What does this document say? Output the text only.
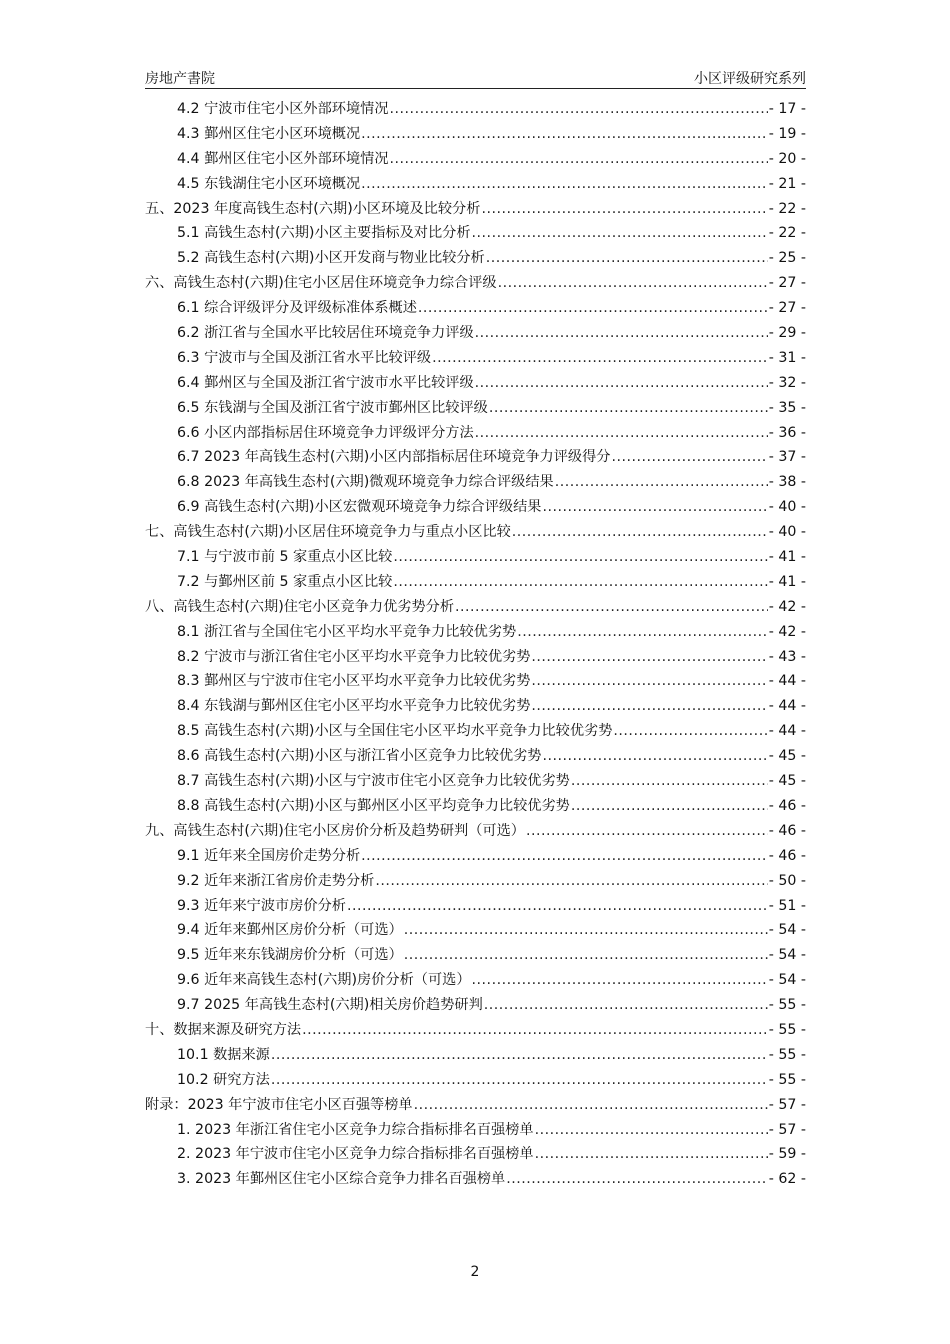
房地产書院	小区评级研究系列
4.2 宁波市住宅小区外部环境情况 .....	- 17 -
4.3 鄞州区住宅小区环境概况 .....	- 19 -
4.4 鄞州区住宅小区外部环境情况 .....	- 20 -
4.5 东钱湖住宅小区环境概况 .....	- 21 -
五、2023 年度高钱生态村(六期)小区环境及比较分析 .....	- 22 -
5.1 高钱生态村(六期)小区主要指标及对比分析 .....	- 22 -
5.2 高钱生态村(六期)小区开发商与物业比较分析 .....	- 25 -
六、高钱生态村(六期)住宅小区居住环境竞争力综合评级 .....	- 27 -
6.1 综合评级评分及评级标准体系概述 .....	- 27 -
6.2 浙江省与全国水平比较居住环境竞争力评级 .....	- 29 -
6.3 宁波市与全国及浙江省水平比较评级 .....	- 31 -
6.4 鄞州区与全国及浙江省宁波市水平比较评级 .....	- 32 -
6.5 东钱湖与全国及浙江省宁波市鄞州区比较评级 .....	- 35 -
6.6 小区内部指标居住环境竞争力评级评分方法 .....	- 36 -
6.7 2023 年高钱生态村(六期)小区内部指标居住环境竞争力评级得分 .....	- 37 -
6.8 2023 年高钱生态村(六期)微观环境竞争力综合评级结果 .....	- 38 -
6.9 高钱生态村(六期)小区宏微观环境竞争力综合评级结果 .....	- 40 -
七、高钱生态村(六期)小区居住环境竞争力与重点小区比较 .....	- 40 -
7.1 与宁波市前 5 家重点小区比较 .....	- 41 -
7.2 与鄞州区前 5 家重点小区比较 .....	- 41 -
八、高钱生态村(六期)住宅小区竞争力优劣势分析 .....	- 42 -
8.1 浙江省与全国住宅小区平均水平竞争力比较优劣势 .....	- 42 -
8.2 宁波市与浙江省住宅小区平均水平竞争力比较优劣势 .....	- 43 -
8.3 鄞州区与宁波市住宅小区平均水平竞争力比较优劣势 .....	- 44 -
8.4 东钱湖与鄞州区住宅小区平均水平竞争力比较优劣势 .....	- 44 -
8.5 高钱生态村(六期)小区与全国住宅小区平均水平竞争力比较优劣势 .....	- 44 -
8.6 高钱生态村(六期)小区与浙江省小区竞争力比较优劣势 .....	- 45 -
8.7 高钱生态村(六期)小区与宁波市住宅小区竞争力比较优劣势 .....	- 45 -
8.8 高钱生态村(六期)小区与鄞州区小区平均竞争力比较优劣势 .....	- 46 -
九、高钱生态村(六期)住宅小区房价分析及趋势研判（可选） .....	- 46 -
9.1 近年来全国房价走势分析 .....	- 46 -
9.2 近年来浙江省房价走势分析 .....	- 50 -
9.3 近年来宁波市房价分析 .....	- 51 -
9.4 近年来鄞州区房价分析（可选） .....	- 54 -
9.5 近年来东钱湖房价分析（可选） .....	- 54 -
9.6 近年来高钱生态村(六期)房价分析（可选） .....	- 54 -
9.7 2025 年高钱生态村(六期)相关房价趋势研判 .....	- 55 -
十、数据来源及研究方法 .....	- 55 -
10.1 数据来源 .....	- 55 -
10.2 研究方法 .....	- 55 -
附录：2023 年宁波市住宅小区百强等榜单 .....	- 57 -
1. 2023 年浙江省住宅小区竞争力综合指标排名百强榜单 .....	- 57 -
2. 2023 年宁波市住宅小区竞争力综合指标排名百强榜单 .....	- 59 -
3. 2023 年鄞州区住宅小区综合竞争力排名百强榜单 .....	- 62 -
2
